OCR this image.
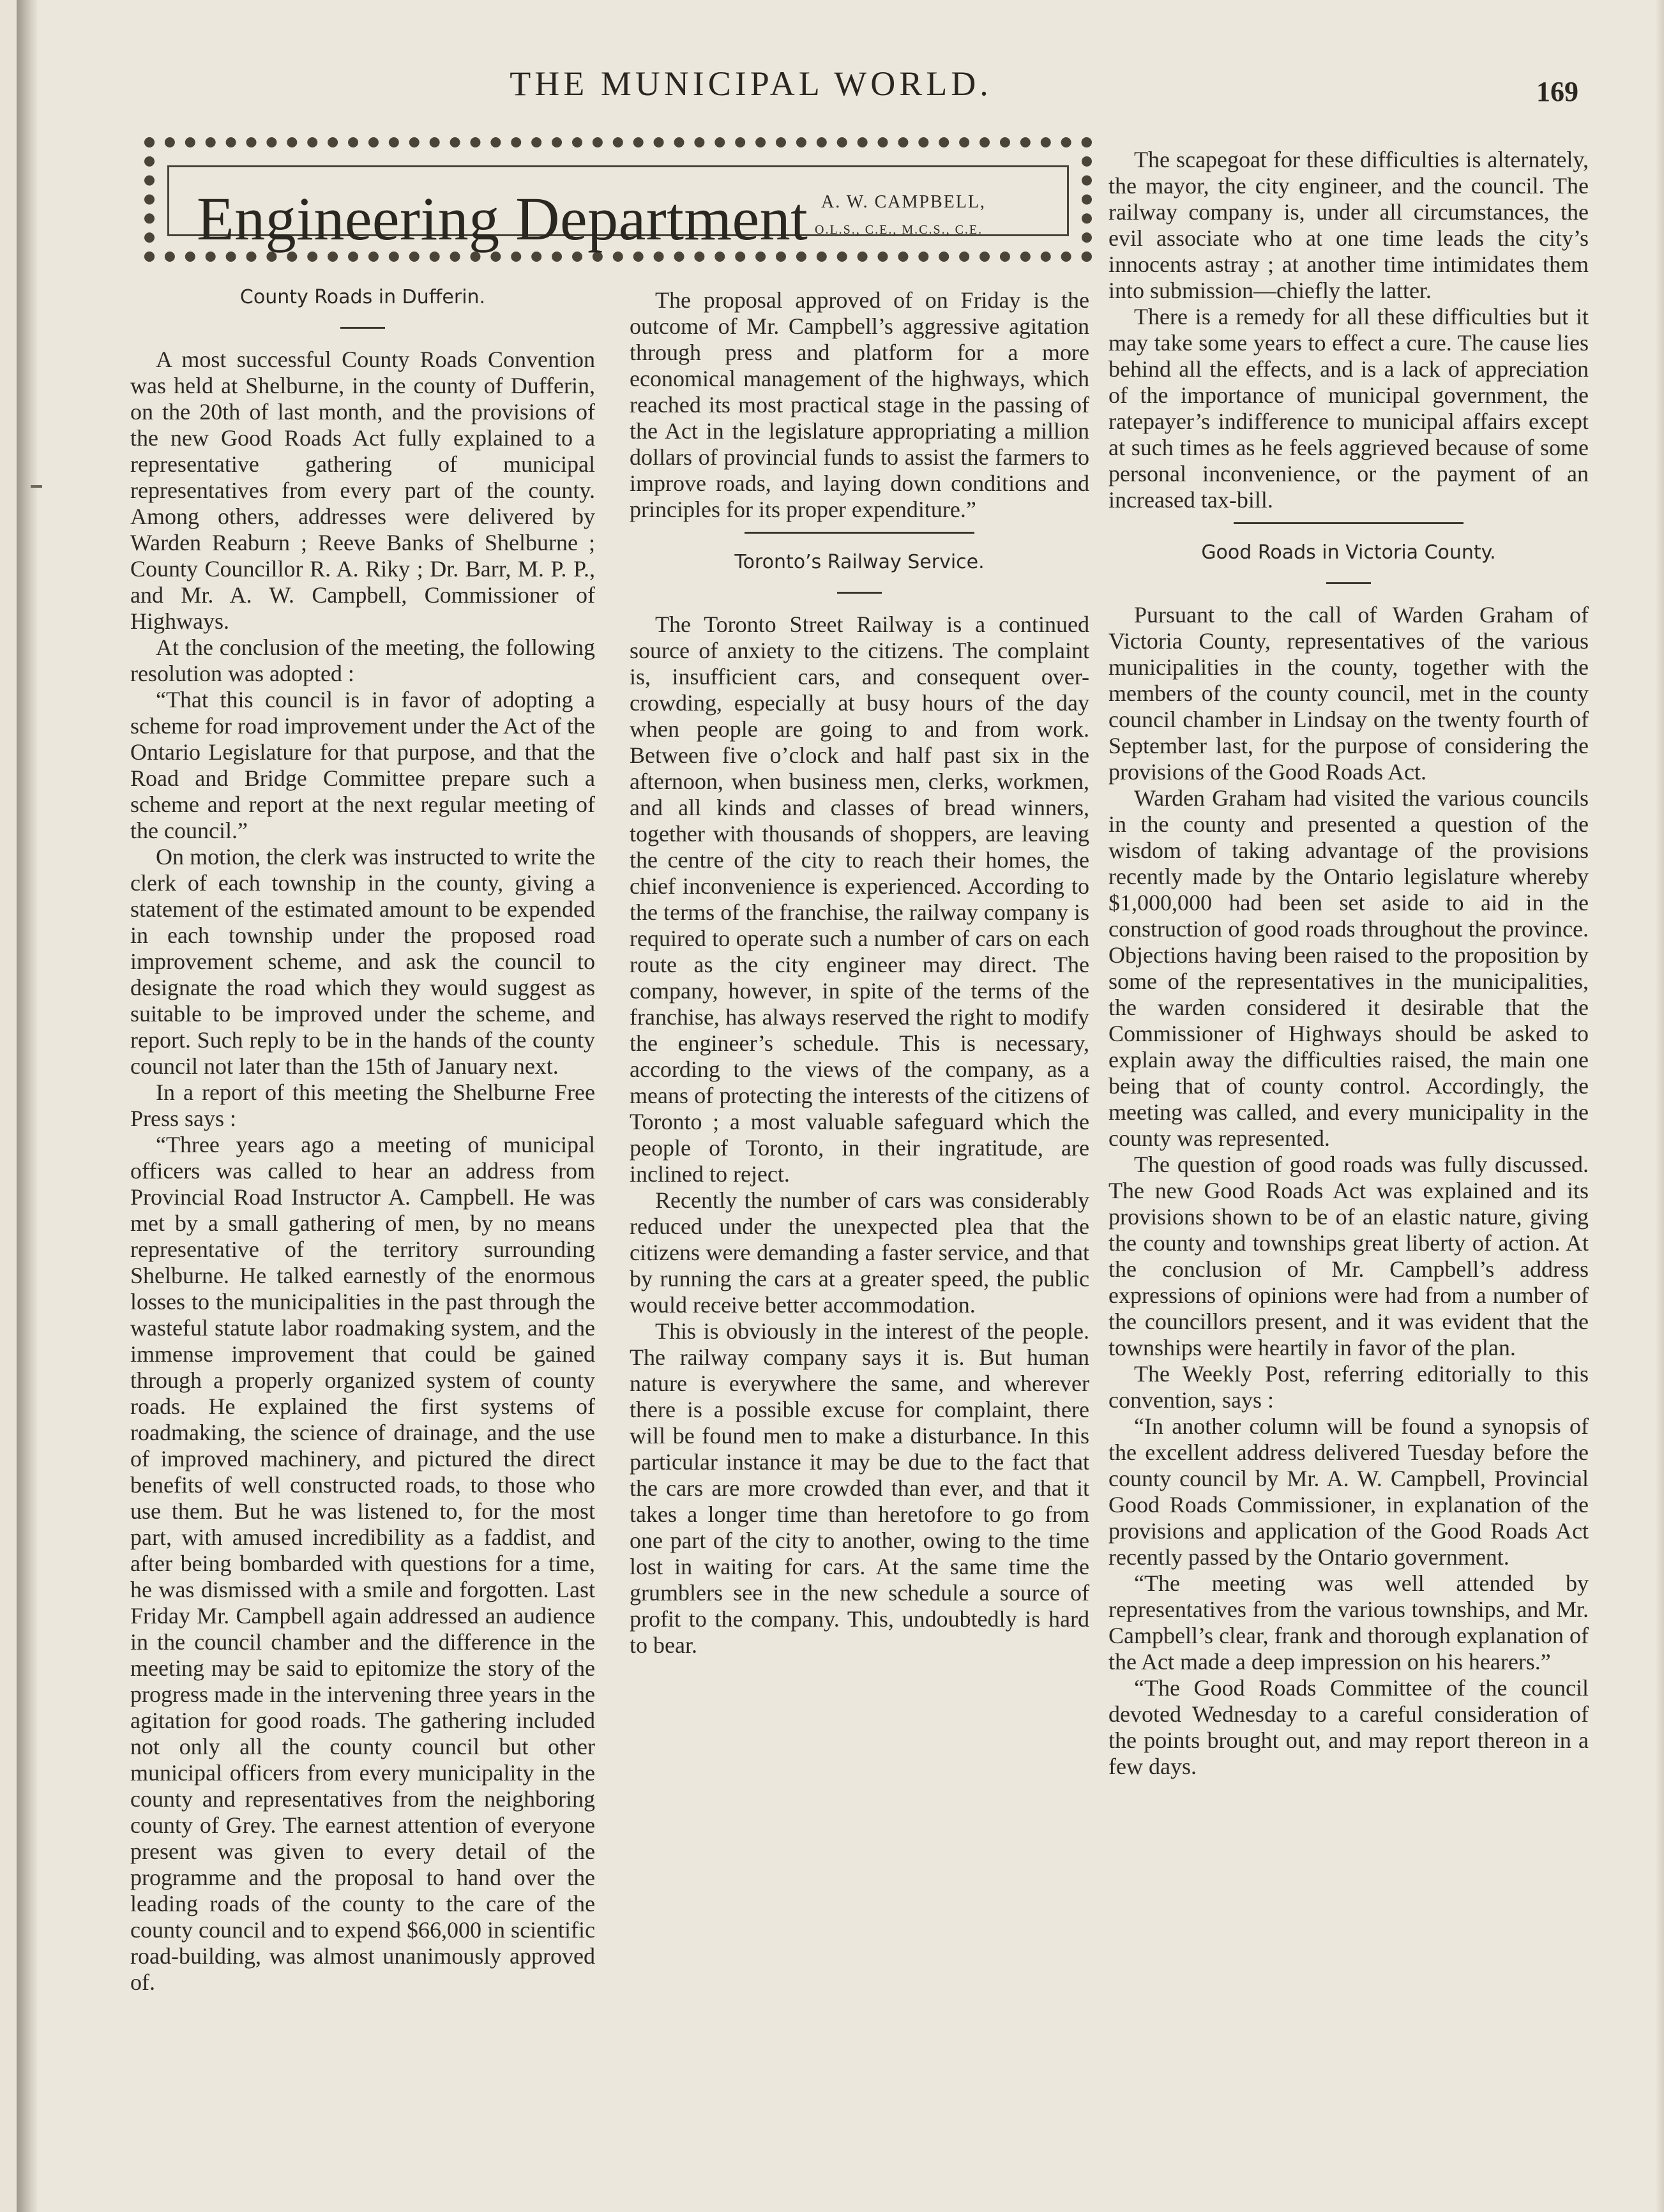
THE MUNICIPAL WORLD.	169
Engineering Department A. W. CAMPBELL,
O.L.S., C.E., M.C.S., C.E.

County Roads in Dufferin.

A most successful County Roads Convention was held at Shelburne, in the county of Dufferin, on the 20th of last month, and the provisions of the new Good Roads Act fully explained to a representative gathering of municipal representatives from every part of the county. Among others, addresses were delivered by Warden Reaburn ; Reeve Banks of Shelburne ; County Councillor R. A. Riky ; Dr. Barr, M. P. P., and Mr. A. W. Campbell, Commissioner of Highways.

At the conclusion of the meeting, the following resolution was adopted :

“That this council is in favor of adopting a scheme for road improvement under the Act of the Ontario Legislature for that purpose, and that the Road and Bridge Committee prepare such a scheme and report at the next regular meeting of the council.”

On motion, the clerk was instructed to write the clerk of each township in the county, giving a statement of the estimated amount to be expended in each township under the proposed road improvement scheme, and ask the council to designate the road which they would suggest as suitable to be improved under the scheme, and report. Such reply to be in the hands of the county council not later than the 15th of January next.

In a report of this meeting the Shelburne Free Press says :

“Three years ago a meeting of municipal officers was called to hear an address from Provincial Road Instructor A. Campbell. He was met by a small gathering of men, by no means representative of the territory surrounding Shelburne. He talked earnestly of the enormous losses to the municipalities in the past through the wasteful statute labor roadmaking system, and the immense improvement that could be gained through a properly organized system of county roads. He explained the first systems of roadmaking, the science of drainage, and the use of improved machinery, and pictured the direct benefits of well constructed roads, to those who use them. But he was listened to, for the most part, with amused incredibility as a faddist, and after being bombarded with questions for a time, he was dismissed with a smile and forgotten. Last Friday Mr. Campbell again addressed an audience in the council chamber and the difference in the meeting may be said to epitomize the story of the progress made in the intervening three years in the agitation for good roads. The gathering included not only all the county council but other municipal officers from every municipality in the county and representatives from the neighboring county of Grey. The earnest attention of everyone present was given to every detail of the programme and the proposal to hand over the leading roads of the county to the care of the county council and to expend $66,000 in scientific road-building, was almost unanimously approved of.

The proposal approved of on Friday is the outcome of Mr. Campbell’s aggressive agitation through press and platform for a more economical management of the highways, which reached its most practical stage in the passing of the Act in the legislature appropriating a million dollars of provincial funds to assist the farmers to improve roads, and laying down conditions and principles for its proper expenditure.”

Toronto’s Railway Service.

The Toronto Street Railway is a continued source of anxiety to the citizens. The complaint is, insufficient cars, and consequent over-crowding, especially at busy hours of the day when people are going to and from work. Between five o’clock and half past six in the afternoon, when business men, clerks, workmen, and all kinds and classes of bread winners, together with thousands of shoppers, are leaving the centre of the city to reach their homes, the chief inconvenience is experienced. According to the terms of the franchise, the railway company is required to operate such a number of cars on each route as the city engineer may direct. The company, however, in spite of the terms of the franchise, has always reserved the right to modify the engineer’s schedule. This is necessary, according to the views of the company, as a means of protecting the interests of the citizens of Toronto ; a most valuable safeguard which the people of Toronto, in their ingratitude, are inclined to reject.

Recently the number of cars was considerably reduced under the unexpected plea that the citizens were demanding a faster service, and that by running the cars at a greater speed, the public would receive better accommodation.

This is obviously in the interest of the people. The railway company says it is. But human nature is everywhere the same, and wherever there is a possible excuse for complaint, there will be found men to make a disturbance. In this particular instance it may be due to the fact that the cars are more crowded than ever, and that it takes a longer time than heretofore to go from one part of the city to another, owing to the time lost in waiting for cars. At the same time the grumblers see in the new schedule a source of profit to the company. This, undoubtedly is hard to bear.

The scapegoat for these difficulties is alternately, the mayor, the city engineer, and the council. The railway company is, under all circumstances, the evil associate who at one time leads the city’s innocents astray ; at another time intimidates them into submission—chiefly the latter.

There is a remedy for all these difficulties but it may take some years to effect a cure. The cause lies behind all the effects, and is a lack of appreciation of the importance of municipal government, the ratepayer’s indifference to municipal affairs except at such times as he feels aggrieved because of some personal inconvenience, or the payment of an increased tax-bill.

Good Roads in Victoria County.

Pursuant to the call of Warden Graham of Victoria County, representatives of the various municipalities in the county, together with the members of the county council, met in the county council chamber in Lindsay on the twenty fourth of September last, for the purpose of considering the provisions of the Good Roads Act.

Warden Graham had visited the various councils in the county and presented a question of the wisdom of taking advantage of the provisions recently made by the Ontario legislature whereby $1,000,000 had been set aside to aid in the construction of good roads throughout the province. Objections having been raised to the proposition by some of the representatives in the municipalities, the warden considered it desirable that the Commissioner of Highways should be asked to explain away the difficulties raised, the main one being that of county control. Accordingly, the meeting was called, and every municipality in the county was represented.

The question of good roads was fully discussed. The new Good Roads Act was explained and its provisions shown to be of an elastic nature, giving the county and townships great liberty of action. At the conclusion of Mr. Campbell’s address expressions of opinions were had from a number of the councillors present, and it was evident that the townships were heartily in favor of the plan.

The Weekly Post, referring editorially to this convention, says :

“In another column will be found a synopsis of the excellent address delivered Tuesday before the county council by Mr. A. W. Campbell, Provincial Good Roads Commissioner, in explanation of the provisions and application of the Good Roads Act recently passed by the Ontario government.

“The meeting was well attended by representatives from the various townships, and Mr. Campbell’s clear, frank and thorough explanation of the Act made a deep impression on his hearers.”

“The Good Roads Committee of the council devoted Wednesday to a careful consideration of the points brought out, and may report thereon in a few days.
